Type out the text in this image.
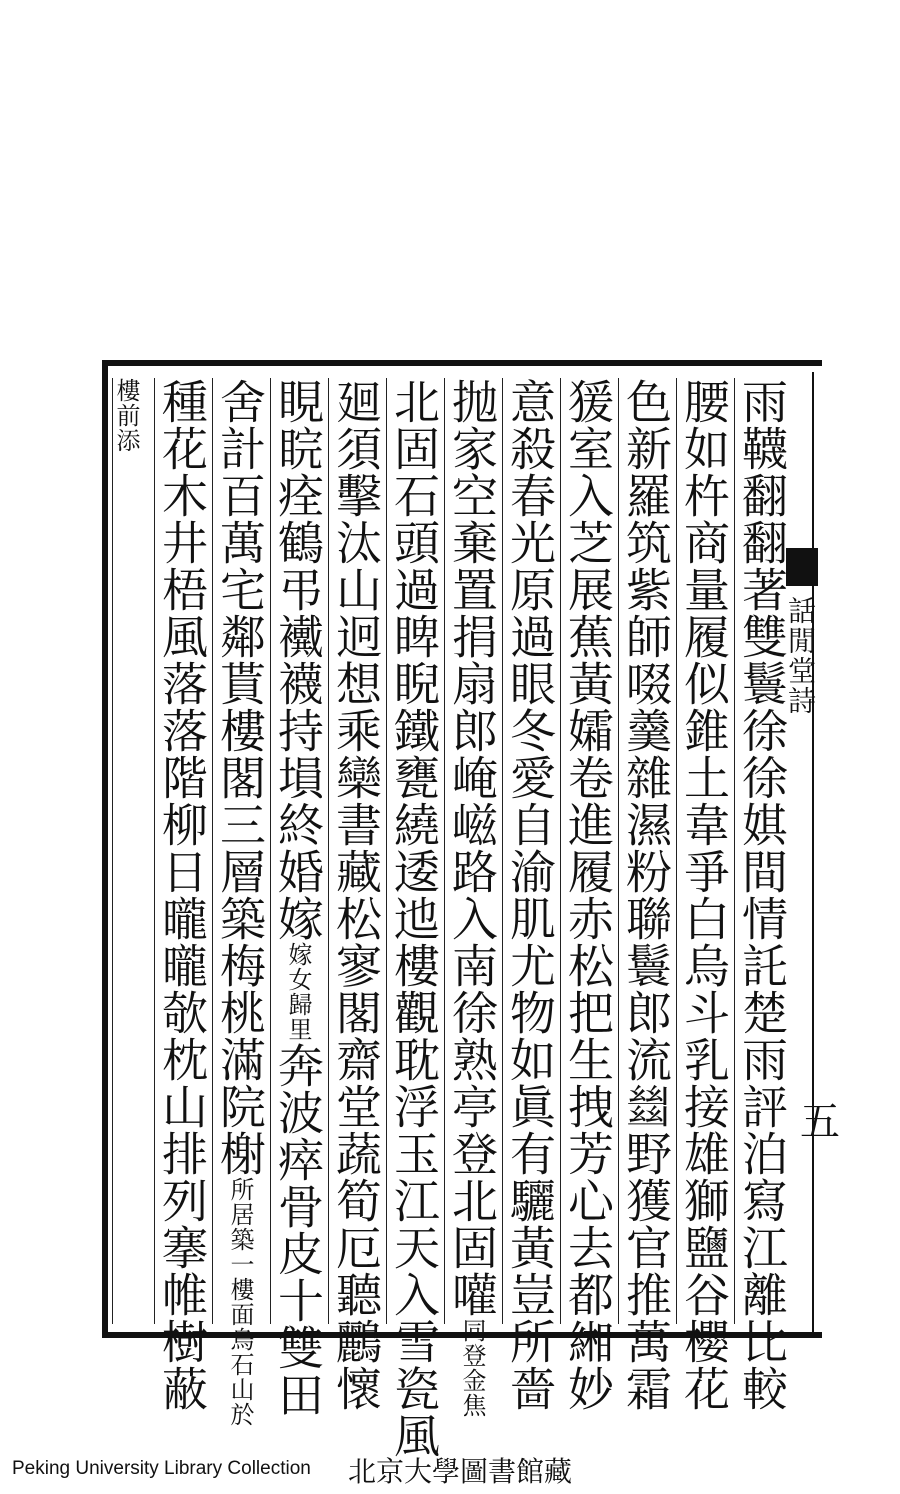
話閒堂詩
五
雨韈翻翻著雙鬟徐徐娸間情託楚雨評泊寫江離比較
腰如杵商量履似錐土韋爭白烏斗乳接雄獅鹽谷櫻花
色新羅筑紫師啜羹雜濕粉聯鬟郎流𢇍野獲官推萬霜
猨室入芝展蕉黃孀卷進履赤松把生拽芳心去都緗妙
意殺春光原過眼冬愛自渝肌尤物如眞有驪黃豈所嗇
抛家空棄置捐扇郎崦嵫路入南徐熟亭登北固嚾同登金焦
北固石頭過睥睨鐵甕繞逶迆樓觀耽浮玉江天入雪瓷風
廻須擊汰山迥想乘欒書藏松寥閣齋堂蔬筍厄聽鸝懷
睍睆痊鶴弔襶襪持塤終婚嫁嫁女歸里奔波瘁骨皮十雙田
舍計百萬宅鄰貰樓閣三層築梅桃滿院榭所居築一樓面烏石山於
種花木井梧風落落階柳日曨曨欹枕山排列搴帷樹蔽
樓前添
Peking University Library Collection 北京大學圖書館藏
